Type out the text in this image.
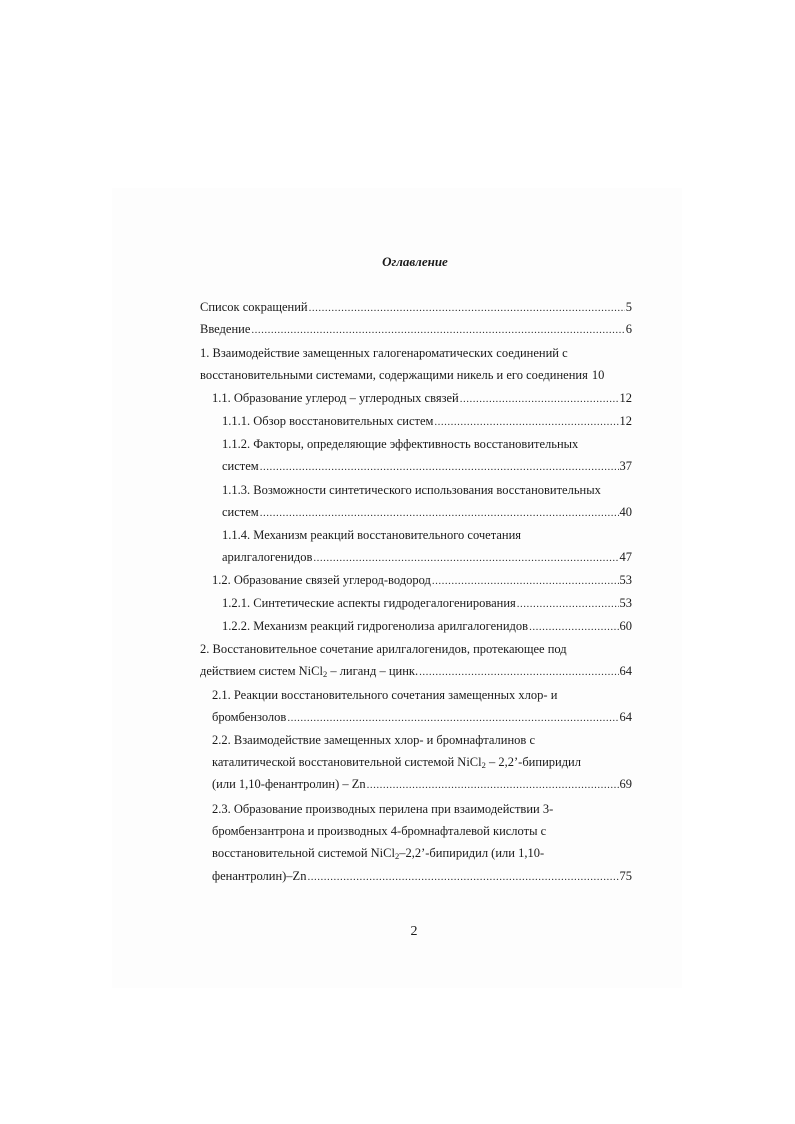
Оглавление
Список сокращений .....	5
Введение .....	6
1. Взаимодействие замещенных галогенароматических соединений с
восстановительными системами, содержащими никель и его соединения 10
1.1. Образование углерод – углеродных связей .....	12
1.1.1. Обзор восстановительных систем .....	12
1.1.2. Факторы, определяющие эффективность восстановительных
систем .....	37
1.1.3. Возможности синтетического использования восстановительных
систем .....	40
1.1.4. Механизм реакций восстановительного сочетания
арилгалогенидов .....	47
1.2. Образование связей углерод-водород .....	53
1.2.1. Синтетические аспекты гидродегалогенирования .....	53
1.2.2. Механизм реакций гидрогенолиза арилгалогенидов .....	60
2. Восстановительное сочетание арилгалогенидов, протекающее под
действием систем NiCl$_2$ – лиганд – цинк. .....	64
2.1. Реакции восстановительного сочетания замещенных хлор- и
бромбензолов .....	64
2.2. Взаимодействие замещенных хлор- и бромнафталинов с
каталитической восстановительной системой NiCl$_2$ – 2,2’-бипиридил
(или 1,10-фенантролин) – Zn .....	69
2.3. Образование производных перилена при взаимодействии 3-
бромбензантрона и производных 4-бромнафталевой кислоты с
восстановительной системой NiCl$_2$–2,2’-бипиридил (или 1,10-
фенантролин)–Zn .....	75
2
